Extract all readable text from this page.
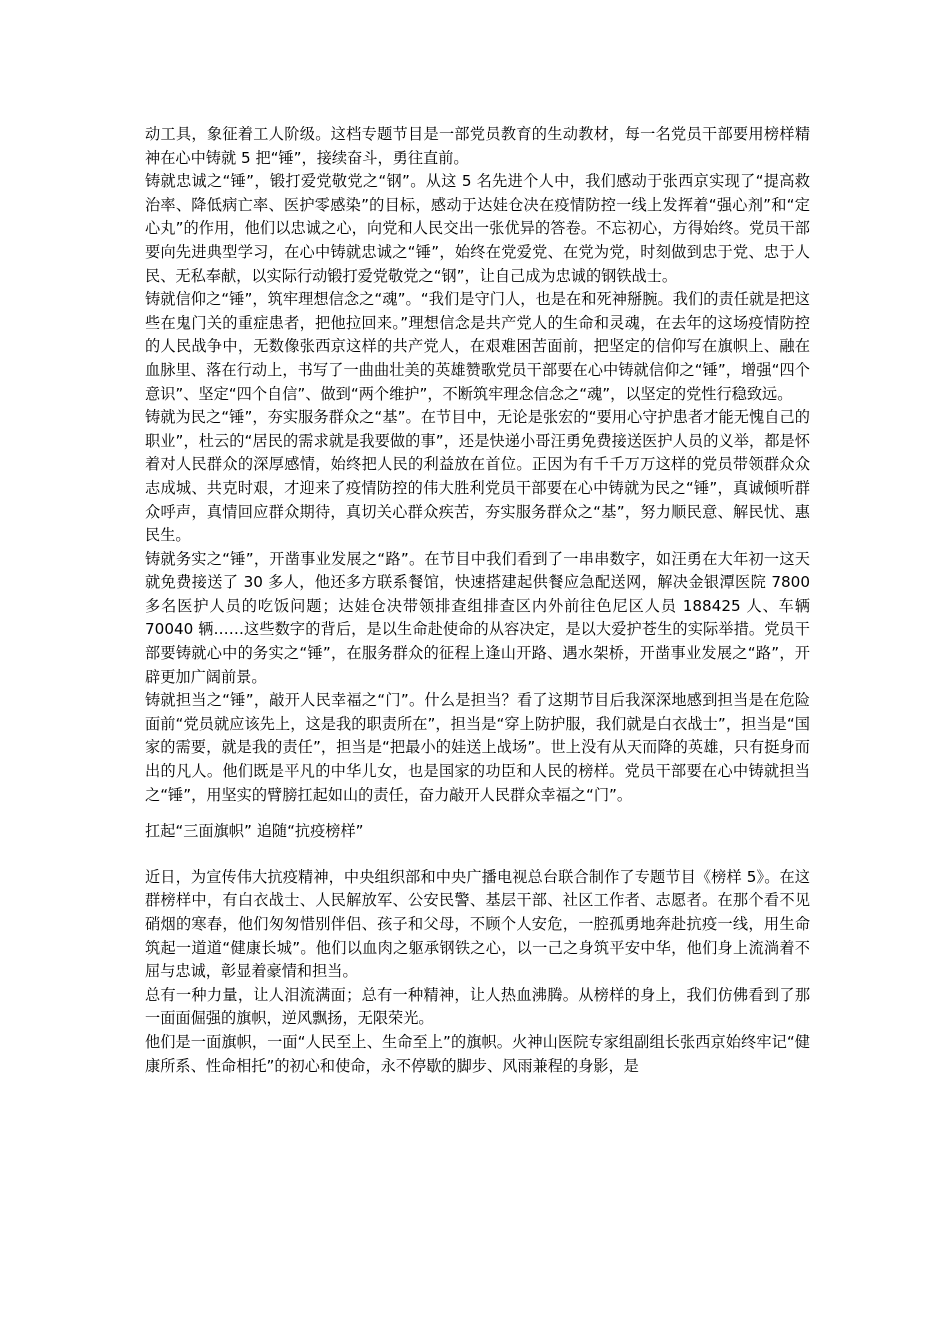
动工具，象征着工人阶级。这档专题节目是一部党员教育的生动教材，每一名党员干部要用榜样精神在心中铸就 5 把“锤”，接续奋斗，勇往直前。

铸就忠诚之“锤”，锻打爱党敬党之“钢”。从这 5 名先进个人中，我们感动于张西京实现了“提高救治率、降低病亡率、医护零感染”的目标，感动于达娃仓决在疫情防控一线上发挥着“强心剂”和“定心丸”的作用，他们以忠诚之心，向党和人民交出一张优异的答卷。不忘初心，方得始终。党员干部要向先进典型学习，在心中铸就忠诚之“锤”，始终在党爱党、在党为党，时刻做到忠于党、忠于人民、无私奉献，以实际行动锻打爱党敬党之“钢”，让自己成为忠诚的钢铁战士。

铸就信仰之“锤”，筑牢理想信念之“魂”。“我们是守门人，也是在和死神掰腕。我们的责任就是把这些在鬼门关的重症患者，把他拉回来。”理想信念是共产党人的生命和灵魂，在去年的这场疫情防控的人民战争中，无数像张西京这样的共产党人，在艰难困苦面前，把坚定的信仰写在旗帜上、融在血脉里、落在行动上，书写了一曲曲壮美的英雄赞歌党员干部要在心中铸就信仰之“锤”，增强“四个意识”、坚定“四个自信”、做到“两个维护”，不断筑牢理念信念之“魂”，以坚定的党性行稳致远。

铸就为民之“锤”，夯实服务群众之“基”。在节目中，无论是张宏的“要用心守护患者才能无愧自己的职业”，杜云的“居民的需求就是我要做的事”，还是快递小哥汪勇免费接送医护人员的义举，都是怀着对人民群众的深厚感情，始终把人民的利益放在首位。正因为有千千万万这样的党员带领群众众志成城、共克时艰，才迎来了疫情防控的伟大胜利党员干部要在心中铸就为民之“锤”，真诚倾听群众呼声，真情回应群众期待，真切关心群众疾苦，夯实服务群众之“基”，努力顺民意、解民忧、惠民生。

铸就务实之“锤”，开凿事业发展之“路”。在节目中我们看到了一串串数字，如汪勇在大年初一这天就免费接送了 30 多人，他还多方联系餐馆，快速搭建起供餐应急配送网，解决金银潭医院 7800 多名医护人员的吃饭问题；达娃仓决带领排查组排查区内外前往色尼区人员 188425 人、车辆 70040 辆……这些数字的背后，是以生命赴使命的从容决定，是以大爱护苍生的实际举措。党员干部要铸就心中的务实之“锤”，在服务群众的征程上逢山开路、遇水架桥，开凿事业发展之“路”，开辟更加广阔前景。

铸就担当之“锤”，敲开人民幸福之“门”。什么是担当？看了这期节目后我深深地感到担当是在危险面前“党员就应该先上，这是我的职责所在”，担当是“穿上防护服，我们就是白衣战士”，担当是“国家的需要，就是我的责任”，担当是“把最小的娃送上战场”。世上没有从天而降的英雄，只有挺身而出的凡人。他们既是平凡的中华儿女，也是国家的功臣和人民的榜样。党员干部要在心中铸就担当之“锤”，用坚实的臂膀扛起如山的责任，奋力敲开人民群众幸福之“门”。

扛起“三面旗帜” 追随“抗疫榜样”

近日，为宣传伟大抗疫精神，中央组织部和中央广播电视总台联合制作了专题节目《榜样 5》。在这群榜样中，有白衣战士、人民解放军、公安民警、基层干部、社区工作者、志愿者。在那个看不见硝烟的寒春，他们匆匆惜别伴侣、孩子和父母，不顾个人安危，一腔孤勇地奔赴抗疫一线，用生命筑起一道道“健康长城”。他们以血肉之躯承钢铁之心，以一己之身筑平安中华，他们身上流淌着不屈与忠诚，彰显着豪情和担当。

总有一种力量，让人泪流满面；总有一种精神，让人热血沸腾。从榜样的身上，我们仿佛看到了那一面面倔强的旗帜，逆风飘扬，无限荣光。

他们是一面旗帜，一面“人民至上、生命至上”的旗帜。火神山医院专家组副组长张西京始终牢记“健康所系、性命相托”的初心和使命，永不停歇的脚步、风雨兼程的身影，是
